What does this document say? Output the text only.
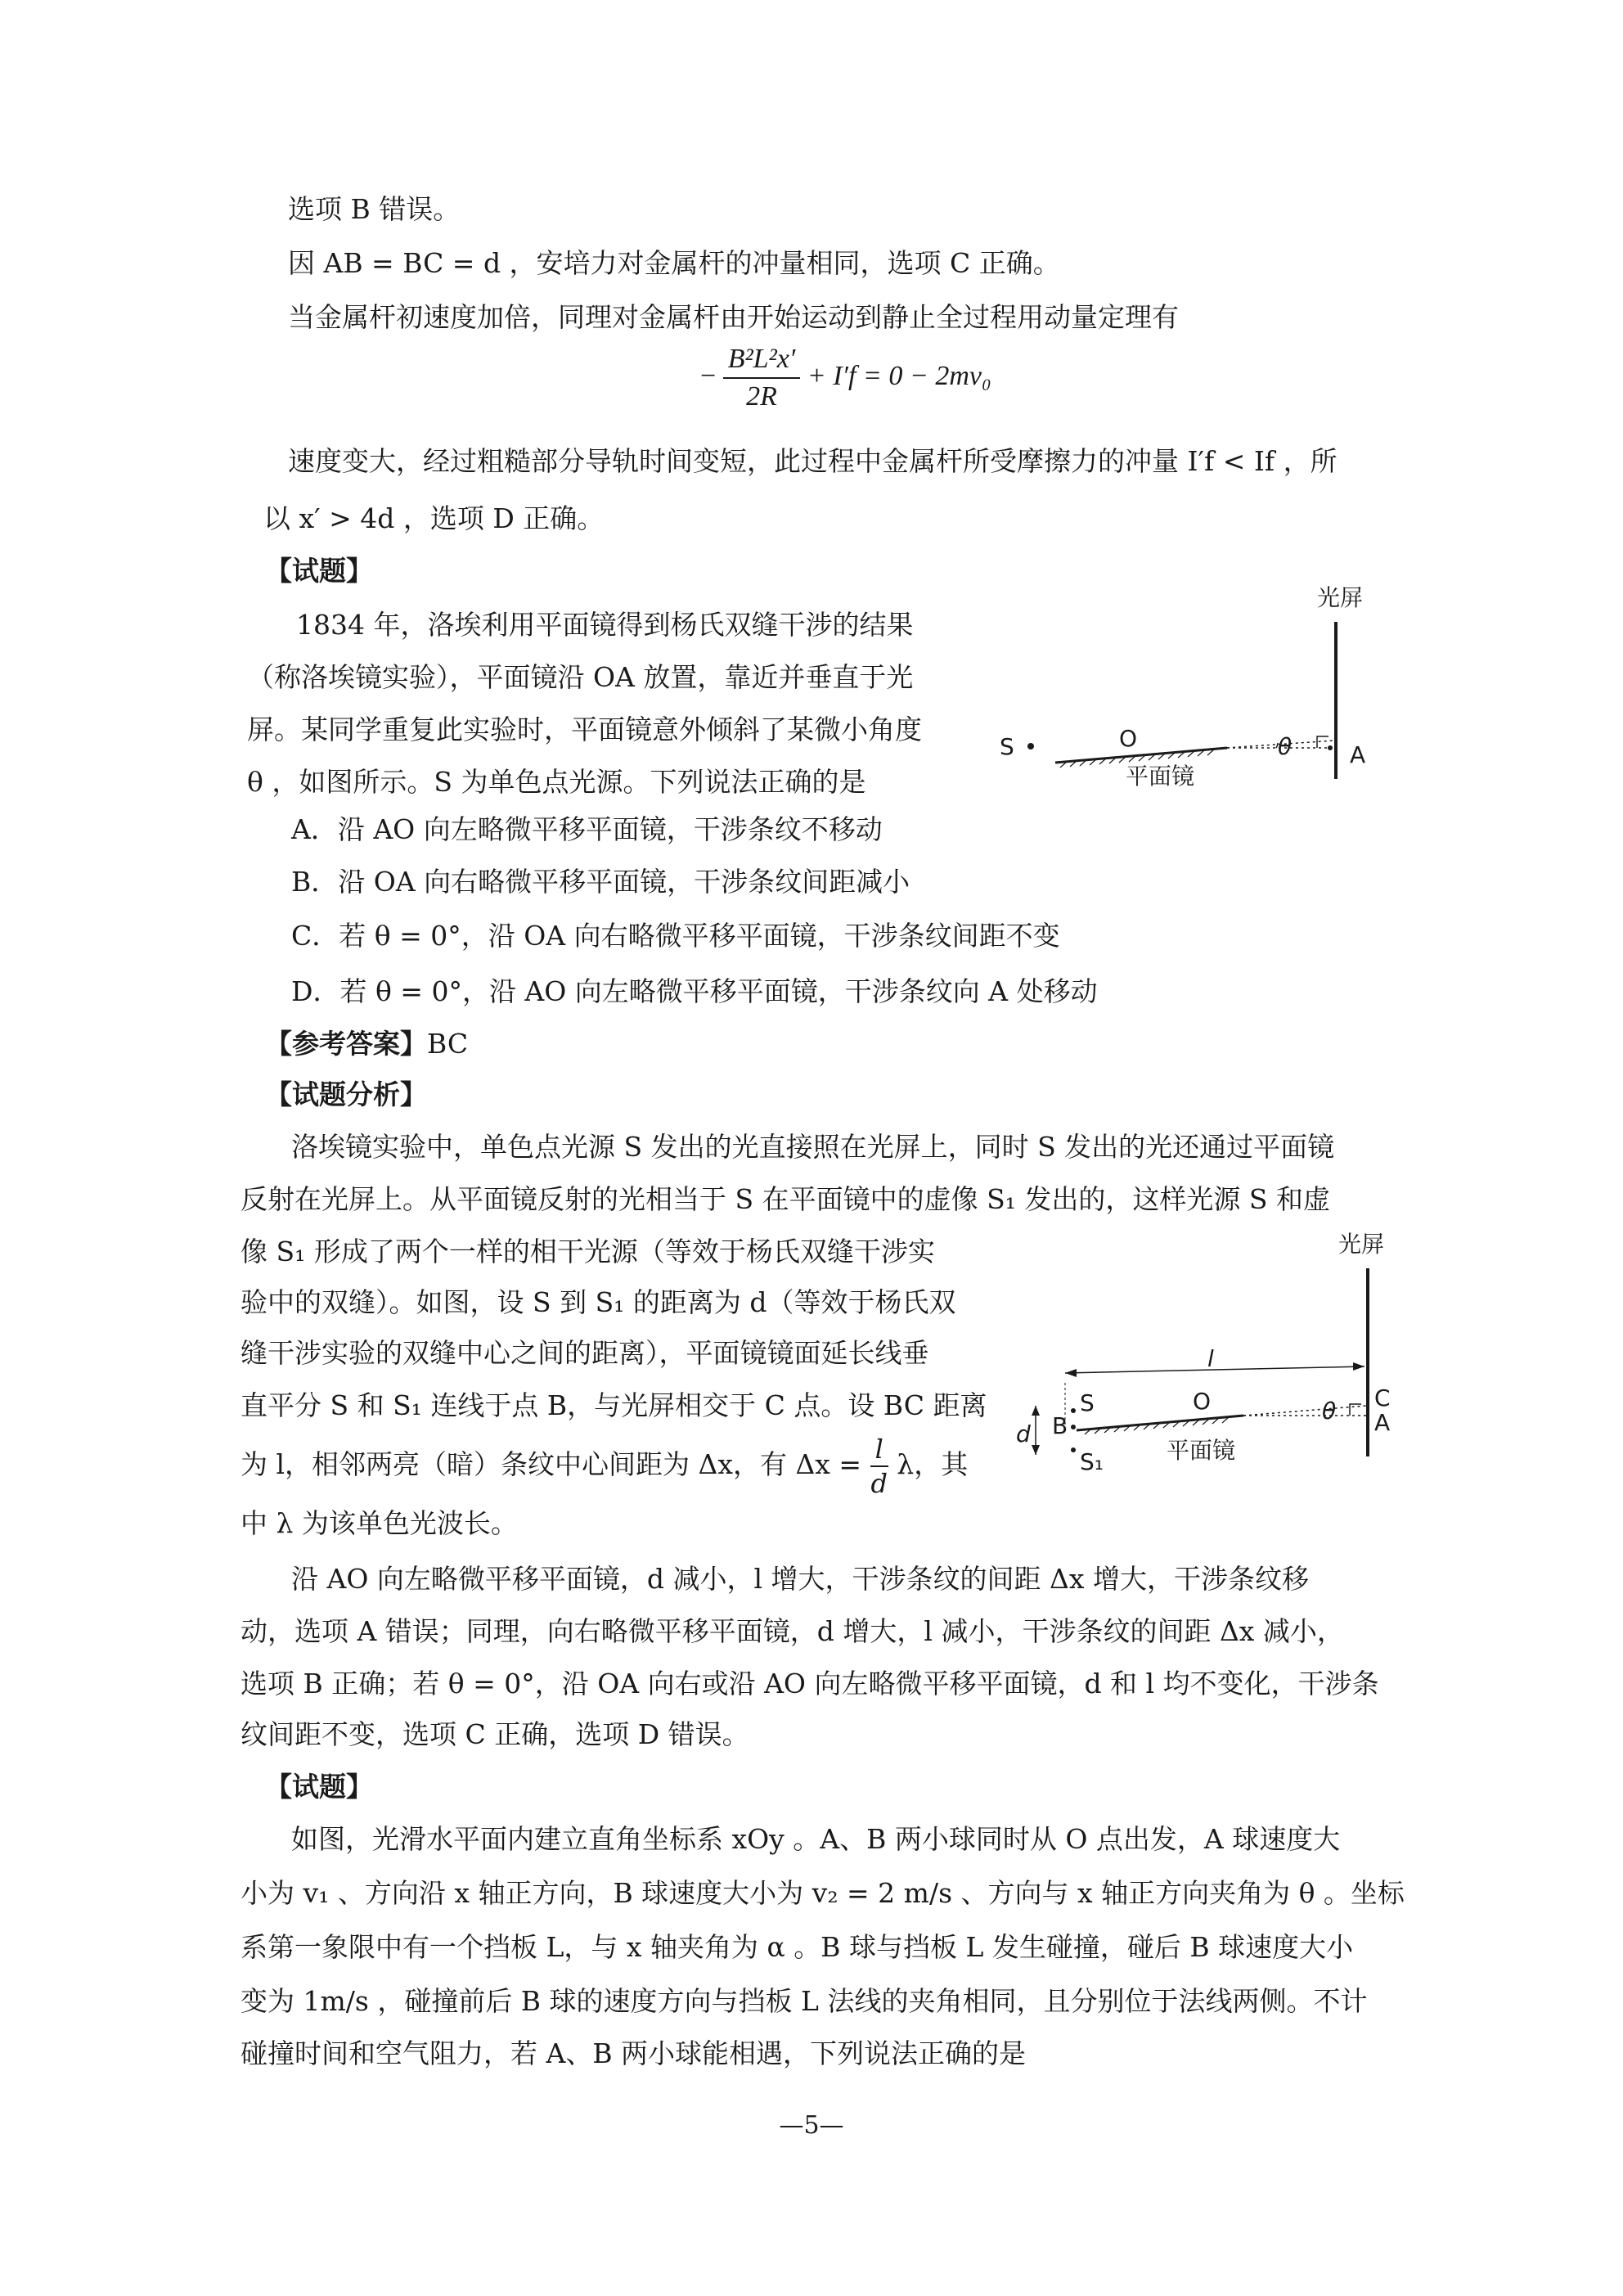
选项 B 错误。
因 AB = BC = d ，安培力对金属杆的冲量相同，选项 C 正确。
当金属杆初速度加倍，同理对金属杆由开始运动到静止全过程用动量定理有
− $\frac{\text{B²L²x′}}{2R} + I'f = 0 - 2mv_0$
速度变大，经过粗糙部分导轨时间变短，此过程中金属杆所受摩擦力的冲量 I′f < If ，所
以 x′ > 4d ，选项 D 正确。
【试题】
1834 年，洛埃利用平面镜得到杨氏双缝干涉的结果
（称洛埃镜实验），平面镜沿 OA 放置，靠近并垂直于光
屏。某同学重复此实验时，平面镜意外倾斜了某微小角度
θ ，如图所示。S 为单色点光源。下列说法正确的是
A．沿 AO 向左略微平移平面镜，干涉条纹不移动
B．沿 OA 向右略微平移平面镜，干涉条纹间距减小
C．若 θ = 0°，沿 OA 向右略微平移平面镜，干涉条纹间距不变
D．若 θ = 0°，沿 AO 向左略微平移平面镜，干涉条纹向 A 处移动
【参考答案】BC
【试题分析】
光屏
S	θ	A
O
平面镜
洛埃镜实验中，单色点光源 S 发出的光直接照在光屏上，同时 S 发出的光还通过平面镜
反射在光屏上。从平面镜反射的光相当于 S 在平面镜中的虚像 S₁ 发出的，这样光源 S 和虚
像 S₁ 形成了两个一样的相干光源（等效于杨氏双缝干涉实
验中的双缝）。如图，设 S 到 S₁ 的距离为 d（等效于杨氏双
缝干涉实验的双缝中心之间的距离），平面镜镜面延长线垂
直平分 S 和 S₁ 连线于点 B，与光屏相交于 C 点。设 BC 距离
为 l，相邻两亮（暗）条纹中心间距为 Δx，有 $\Delta x = \frac{l}{d}$ λ，其
中 λ 为该单色光波长。
沿 AO 向左略微平移平面镜，d 减小，l 增大，干涉条纹的间距 Δx 增大，干涉条纹移
动，选项 A 错误；同理，向右略微平移平面镜，d 增大，l 减小，干涉条纹的间距 Δx 减小，
选项 B 正确；若 θ = 0°，沿 OA 向右或沿 AO 向左略微平移平面镜，d 和 l 均不变化，干涉条
纹间距不变，选项 C 正确，选项 D 错误。
光屏
l
S
B
S₁
d
θ
O	C
A
平面镜
【试题】
如图，光滑水平面内建立直角坐标系 xOy 。A、B 两小球同时从 O 点出发，A 球速度大
小为 v₁ 、方向沿 x 轴正方向，B 球速度大小为 v₂ = 2 m/s 、方向与 x 轴正方向夹角为 θ 。坐标
系第一象限中有一个挡板 L，与 x 轴夹角为 α 。B 球与挡板 L 发生碰撞，碰后 B 球速度大小
变为 1m/s ，碰撞前后 B 球的速度方向与挡板 L 法线的夹角相同，且分别位于法线两侧。不计
碰撞时间和空气阻力，若 A、B 两小球能相遇，下列说法正确的是
—5—
